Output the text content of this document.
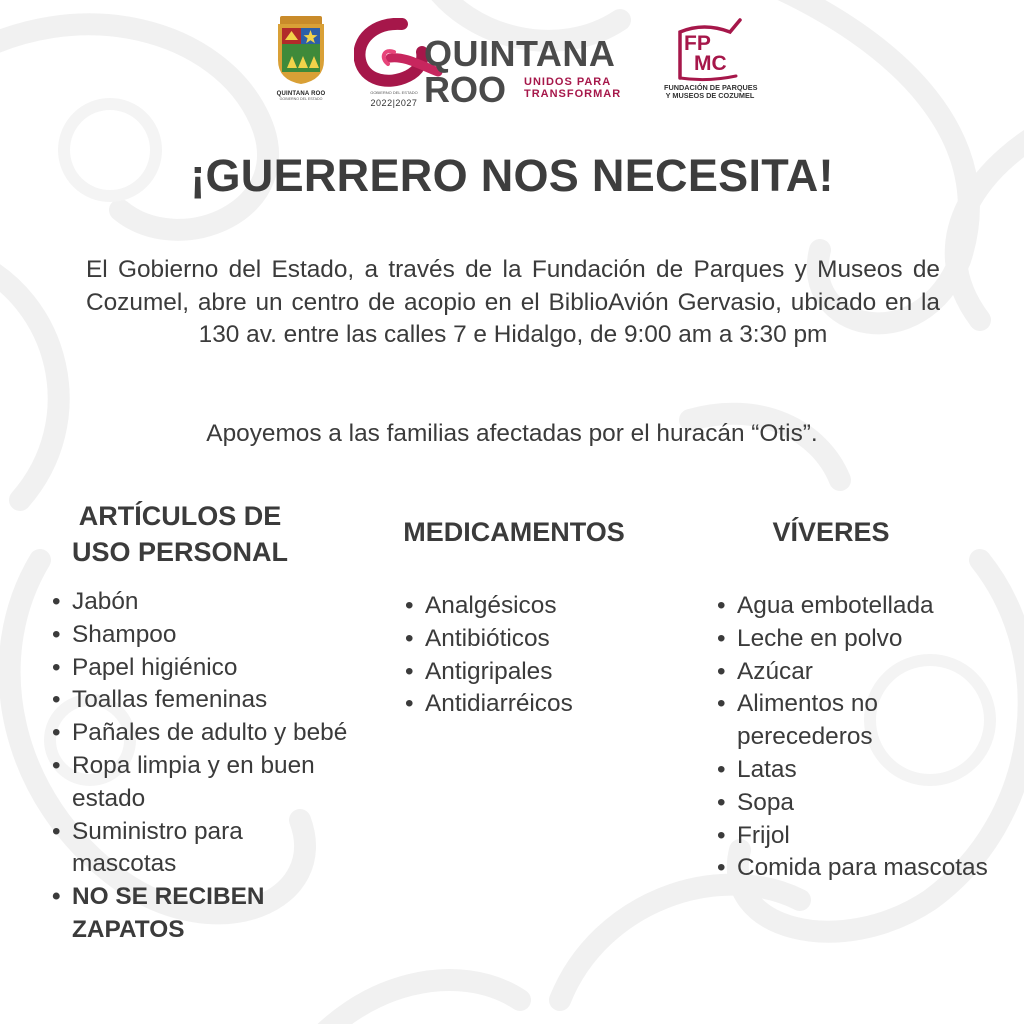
QUINTANA ROO
GOBIERNO DEL ESTADO
QUINTANA
ROO UNIDOS PARA
TRANSFORMAR
GOBIERNO DEL ESTADO
2022|2027
FP
MC
FUNDACIÓN DE PARQUES
Y MUSEOS DE COZUMEL
¡GUERRERO NOS NECESITA!

El Gobierno del Estado, a través de la Fundación de Parques y Museos de Cozumel, abre un centro de acopio en el BiblioAvión Gervasio, ubicado en la 130 av. entre las calles 7 e Hidalgo, de 9:00 am a 3:30 pm

Apoyemos a las familias afectadas por el huracán “Otis”.

ARTÍCULOS DE USO PERSONAL
• Jabón
• Shampoo
• Papel higiénico
• Toallas femeninas
• Pañales de adulto y bebé
• Ropa limpia y en buen estado
• Suministro para mascotas
• NO SE RECIBEN ZAPATOS
MEDICAMENTOS
• Analgésicos
• Antibióticos
• Antigripales
• Antidiarréicos
VÍVERES
• Agua embotellada
• Leche en polvo
• Azúcar
• Alimentos no perecederos
• Latas
• Sopa
• Frijol
• Comida para mascotas
